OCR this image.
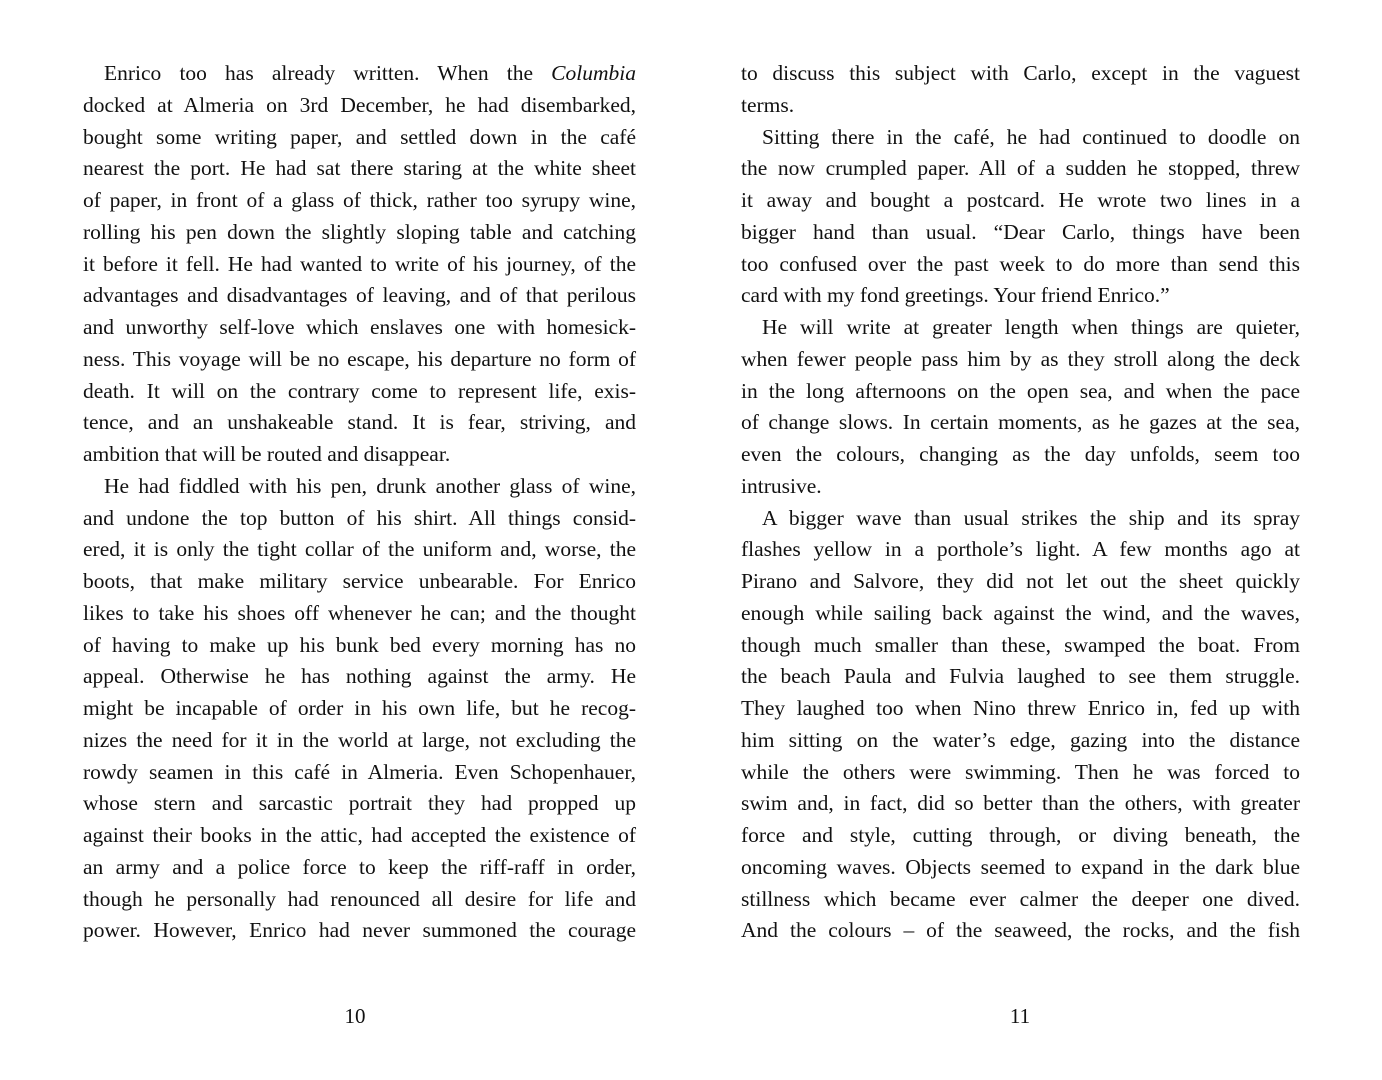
Enrico too has already written. When the Columbia
docked at Almeria on 3rd December, he had disembarked,
bought some writing paper, and settled down in the café
nearest the port. He had sat there staring at the white sheet
of paper, in front of a glass of thick, rather too syrupy wine,
rolling his pen down the slightly sloping table and catching
it before it fell. He had wanted to write of his journey, of the
advantages and disadvantages of leaving, and of that perilous
and unworthy self-love which enslaves one with homesick-
ness. This voyage will be no escape, his departure no form of
death. It will on the contrary come to represent life, exis-
tence, and an unshakeable stand. It is fear, striving, and
ambition that will be routed and disappear.
He had fiddled with his pen, drunk another glass of wine,
and undone the top button of his shirt. All things consid-
ered, it is only the tight collar of the uniform and, worse, the
boots, that make military service unbearable. For Enrico
likes to take his shoes off whenever he can; and the thought
of having to make up his bunk bed every morning has no
appeal. Otherwise he has nothing against the army. He
might be incapable of order in his own life, but he recog-
nizes the need for it in the world at large, not excluding the
rowdy seamen in this café in Almeria. Even Schopenhauer,
whose stern and sarcastic portrait they had propped up
against their books in the attic, had accepted the existence of
an army and a police force to keep the riff-raff in order,
though he personally had renounced all desire for life and
power. However, Enrico had never summoned the courage
to discuss this subject with Carlo, except in the vaguest
terms.
Sitting there in the café, he had continued to doodle on
the now crumpled paper. All of a sudden he stopped, threw
it away and bought a postcard. He wrote two lines in a
bigger hand than usual. “Dear Carlo, things have been
too confused over the past week to do more than send this
card with my fond greetings. Your friend Enrico.”
He will write at greater length when things are quieter,
when fewer people pass him by as they stroll along the deck
in the long afternoons on the open sea, and when the pace
of change slows. In certain moments, as he gazes at the sea,
even the colours, changing as the day unfolds, seem too
intrusive.
A bigger wave than usual strikes the ship and its spray
flashes yellow in a porthole’s light. A few months ago at
Pirano and Salvore, they did not let out the sheet quickly
enough while sailing back against the wind, and the waves,
though much smaller than these, swamped the boat. From
the beach Paula and Fulvia laughed to see them struggle.
They laughed too when Nino threw Enrico in, fed up with
him sitting on the water’s edge, gazing into the distance
while the others were swimming. Then he was forced to
swim and, in fact, did so better than the others, with greater
force and style, cutting through, or diving beneath, the
oncoming waves. Objects seemed to expand in the dark blue
stillness which became ever calmer the deeper one dived.
And the colours – of the seaweed, the rocks, and the fish
10	11
